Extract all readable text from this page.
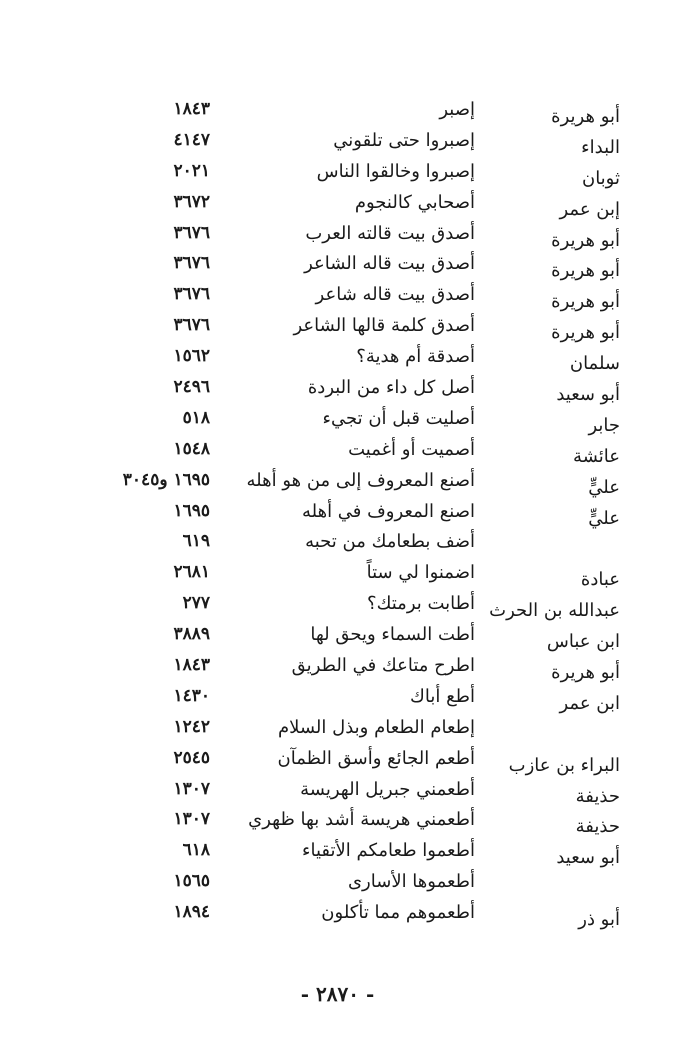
أبو هريرة
إصبر
١٨٤٣
البداء
إصبروا حتى تلقوني
٤١٤٧
ثوبان
إصبروا وخالقوا الناس
٢٠٢١
إبن عمر
أصحابي كالنجوم
٣٦٧٢
أبو هريرة
أصدق بيت قالته العرب
٣٦٧٦
أبو هريرة
أصدق بيت قاله الشاعر
٣٦٧٦
أبو هريرة
أصدق بيت قاله شاعر
٣٦٧٦
أبو هريرة
أصدق كلمة قالها الشاعر
٣٦٧٦
سلمان
أصدقة أم هدية؟
١٥٦٢
أبو سعيد
أصل كل داء من البردة
٢٤٩٦
جابر
أصليت قبل أن تجيء
٥١٨
عائشة
أصميت أو أغميت
١٥٤٨
عليٍّ
أصنع المعروف إلى من هو أهله
١٦٩٥ و٣٠٤٥
عليٍّ
اصنع المعروف في أهله
١٦٩٥
أضف بطعامك من تحبه
٦١٩
عبادة
اضمنوا لي ستاً
٢٦٨١
عبدالله بن الحرث
أطابت برمتك؟
٢٧٧
ابن عباس
أطت السماء ويحق لها
٣٨٨٩
أبو هريرة
اطرح متاعك في الطريق
١٨٤٣
ابن عمر
أطع أباك
١٤٣٠
إطعام الطعام وبذل السلام
١٢٤٢
البراء بن عازب
أطعم الجائع وأسق الظمآن
٢٥٤٥
حذيفة
أطعمني جبريل الهريسة
١٣٠٧
حذيفة
أطعمني هريسة أشد بها ظهري
١٣٠٧
أبو سعيد
أطعموا طعامكم الأتقياء
٦١٨
أطعموها الأسارى
١٥٦٥
أبو ذر
أطعموهم مما تأكلون
١٨٩٤
- ٢٨٧٠ -
